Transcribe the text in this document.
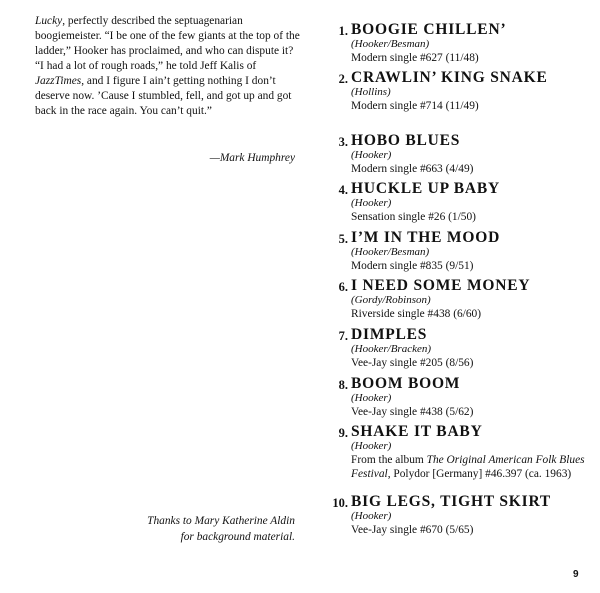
Lucky, perfectly described the septuagenarian boogiemeister. “I be one of the few giants at the top of the ladder,” Hooker has proclaimed, and who can dispute it? “I had a lot of rough roads,” he told Jeff Kalis of JazzTimes, and I figure I ain’t getting nothing I don’t deserve now. ’Cause I stumbled, fell, and got up and got back in the race again. You can’t quit.”

—Mark Humphrey
Thanks to Mary Katherine Aldin
for background material.
1. BOOGIE CHILLEN’
(Hooker/Besman)
Modern single #627 (11/48)
2. CRAWLIN’ KING SNAKE
(Hollins)
Modern single #714 (11/49)
3. HOBO BLUES
(Hooker)
Modern single #663 (4/49)
4. HUCKLE UP BABY
(Hooker)
Sensation single #26 (1/50)
5. I’M IN THE MOOD
(Hooker/Besman)
Modern single #835 (9/51)
6. I NEED SOME MONEY
(Gordy/Robinson)
Riverside single #438 (6/60)
7. DIMPLES
(Hooker/Bracken)
Vee-Jay single #205 (8/56)
8. BOOM BOOM
(Hooker)
Vee-Jay single #438 (5/62)
9. SHAKE IT BABY
(Hooker)
From the album The Original American Folk Blues Festival, Polydor [Germany] #46.397 (ca. 1963)
10. BIG LEGS, TIGHT SKIRT
(Hooker)
Vee-Jay single #670 (5/65)
9
